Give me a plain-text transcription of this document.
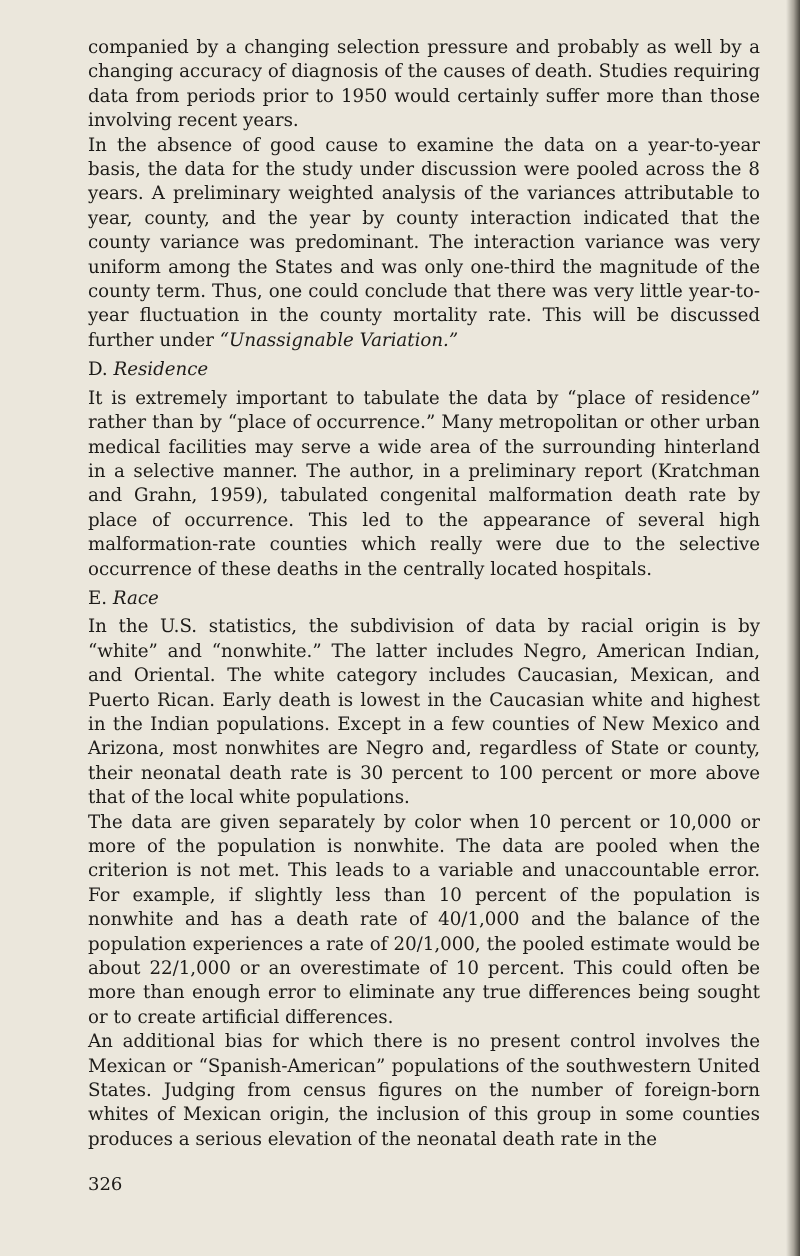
companied by a changing selection pressure and probably as well by a changing accuracy of diagnosis of the causes of death. Studies requiring data from periods prior to 1950 would certainly suffer more than those involving recent years.

In the absence of good cause to examine the data on a year-to-year basis, the data for the study under discussion were pooled across the 8 years. A preliminary weighted analysis of the variances attributable to year, county, and the year by county interaction indicated that the county variance was predominant. The interaction variance was very uniform among the States and was only one-third the magnitude of the county term. Thus, one could conclude that there was very little year-to-year fluctuation in the county mortality rate. This will be discussed further under “Unassignable Variation.”

D. Residence

It is extremely important to tabulate the data by “place of residence” rather than by “place of occurrence.” Many metropolitan or other urban medical facilities may serve a wide area of the surrounding hinterland in a selective manner. The author, in a preliminary report (Kratchman and Grahn, 1959), tabulated congenital malformation death rate by place of occurrence. This led to the appearance of several high malformation-rate counties which really were due to the selective occurrence of these deaths in the centrally located hospitals.

E. Race

In the U.S. statistics, the subdivision of data by racial origin is by “white” and “nonwhite.” The latter includes Negro, American Indian, and Oriental. The white category includes Caucasian, Mexican, and Puerto Rican. Early death is lowest in the Caucasian white and highest in the Indian populations. Except in a few counties of New Mexico and Arizona, most nonwhites are Negro and, regardless of State or county, their neonatal death rate is 30 percent to 100 percent or more above that of the local white populations.

The data are given separately by color when 10 percent or 10,000 or more of the population is nonwhite. The data are pooled when the criterion is not met. This leads to a variable and unaccountable error. For example, if slightly less than 10 percent of the population is nonwhite and has a death rate of 40/1,000 and the balance of the population experiences a rate of 20/1,000, the pooled estimate would be about 22/1,000 or an overestimate of 10 percent. This could often be more than enough error to eliminate any true differences being sought or to create artificial differences.

An additional bias for which there is no present control involves the Mexican or “Spanish-American” populations of the southwestern United States. Judging from census figures on the number of foreign-born whites of Mexican origin, the inclusion of this group in some counties produces a serious elevation of the neonatal death rate in the

326
